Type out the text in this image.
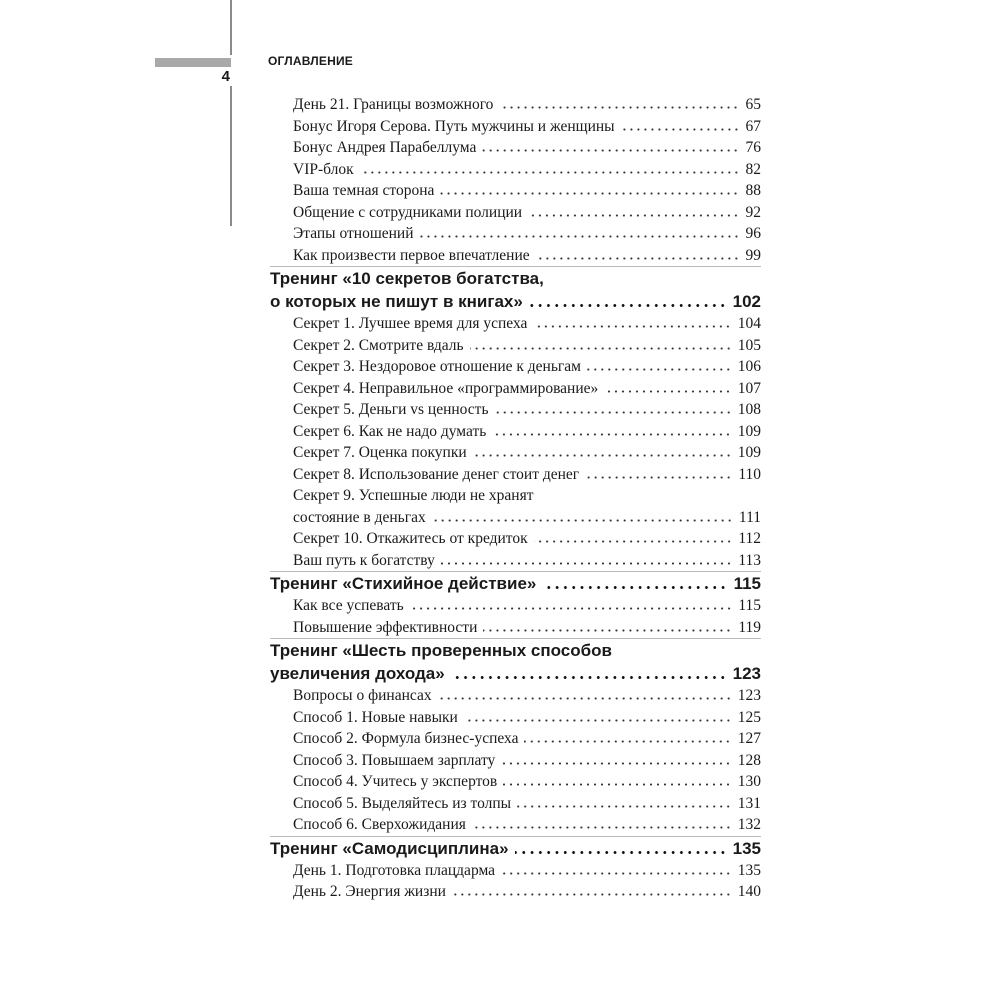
4
ОГЛАВЛЕНИЕ
День 21. Границы возможного	65
Бонус Игоря Серова. Путь мужчины и женщины	67
Бонус Андрея Парабеллума	76
VIP-блок	82
Ваша темная сторона	88
Общение с сотрудниками полиции	92
Этапы отношений	96
Как произвести первое впечатление	99
Тренинг «10 секретов богатства,
о которых не пишут в книгах»	102
Секрет 1. Лучшее время для успеха	104
Секрет 2. Смотрите вдаль	105
Секрет 3. Нездоровое отношение к деньгам	106
Секрет 4. Неправильное «программирование»	107
Секрет 5. Деньги vs ценность	108
Секрет 6. Как не надо думать	109
Секрет 7. Оценка покупки	109
Секрет 8. Использование денег стоит денег	110
Секрет 9. Успешные люди не хранят
состояние в деньгах	111
Секрет 10. Откажитесь от кредиток	112
Ваш путь к богатству	113
Тренинг «Стихийное действие»	115
Как все успевать	115
Повышение эффективности	119
Тренинг «Шесть проверенных способов
увеличения дохода»	123
Вопросы о финансах	123
Способ 1. Новые навыки	125
Способ 2. Формула бизнес-успеха	127
Способ 3. Повышаем зарплату	128
Способ 4. Учитесь у экспертов	130
Способ 5. Выделяйтесь из толпы	131
Способ 6. Сверхожидания	132
Тренинг «Самодисциплина»	135
День 1. Подготовка плацдарма	135
День 2. Энергия жизни	140
